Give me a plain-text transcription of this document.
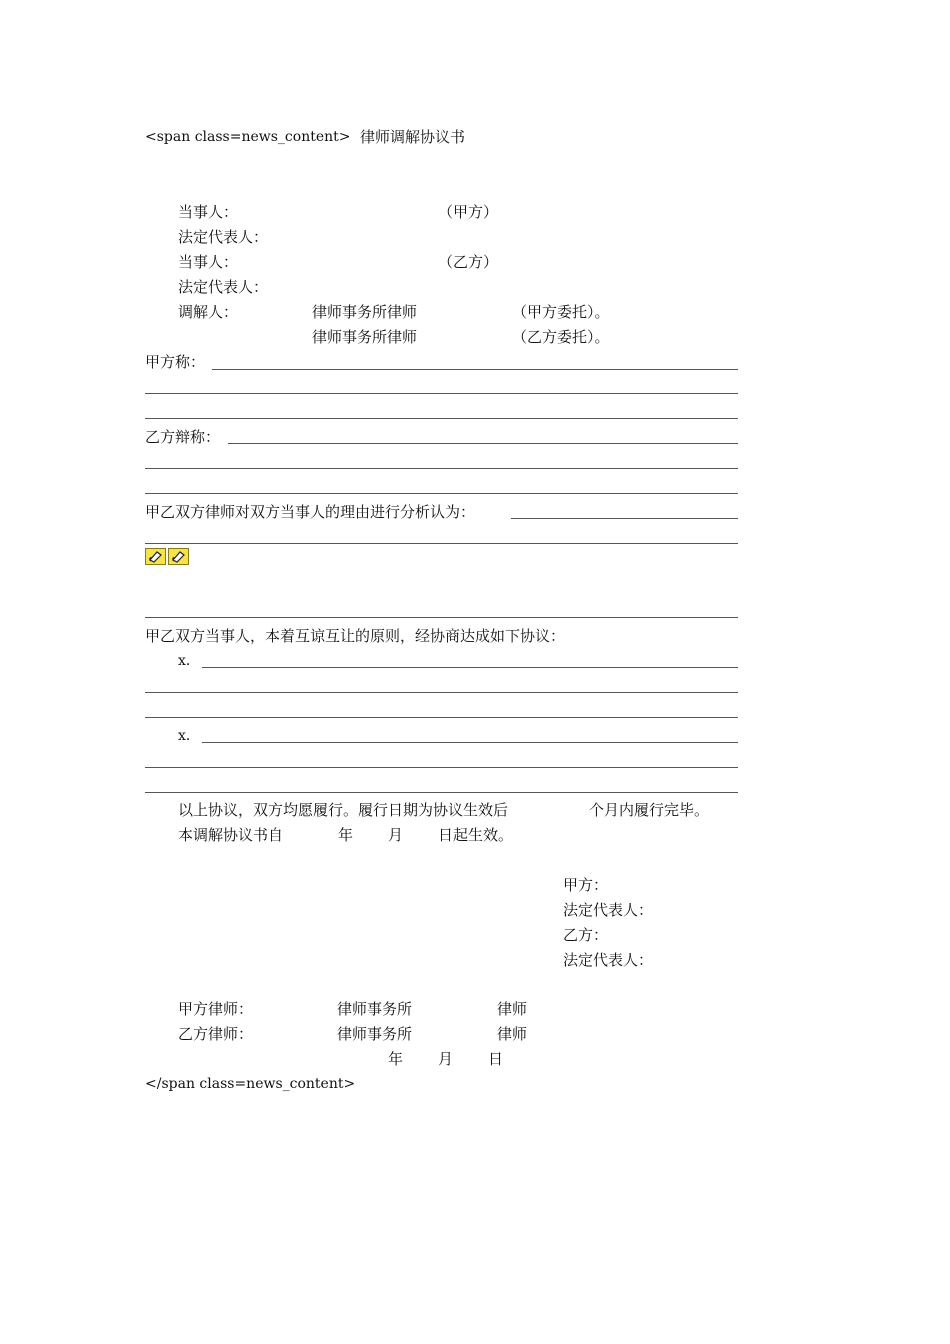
<span class=news_content> 律师调解协议书
当事人：	（甲方）
法定代表人：
当事人：	（乙方）
法定代表人：
调解人：	律师事务所律师	（甲方委托）。
律师事务所律师	（乙方委托）。
甲方称：
乙方辩称：
甲乙双方律师对双方当事人的理由进行分析认为：
甲乙双方当事人，本着互谅互让的原则，经协商达成如下协议：
x．
x．
以上协议，双方均愿履行。履行日期为协议生效后	个月内履行完毕。
本调解协议书自	年 月 日起生效。
甲方：
法定代表人：
乙方：
法定代表人：
甲方律师：	律师事务所	律师
乙方律师：	律师事务所	律师
年 月 日
</span class=news_content>
